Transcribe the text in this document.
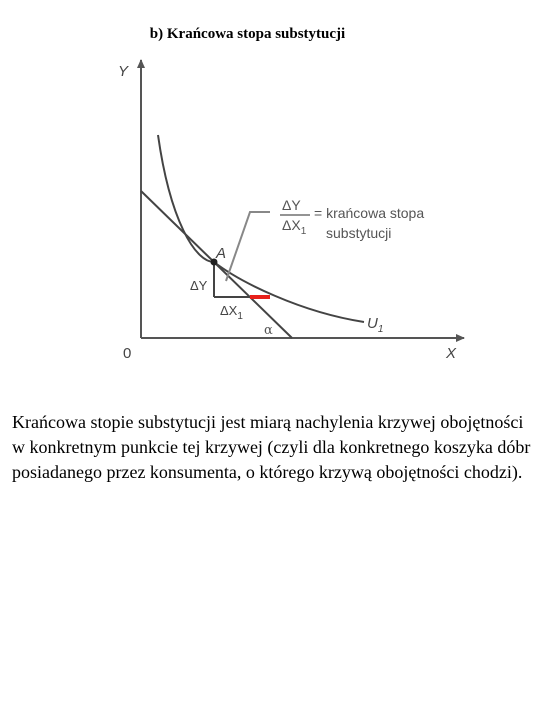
b) Krańcowa stopa substytucji
Y
X
0
A
ΔY
$\Delta X_1$
ΔY
$\Delta X_1$
= krańcowa stopa
substytucji
$U_1$
α
Krańcowa stopie substytucji jest miarą nachylenia krzywej obojętności w konkretnym punkcie tej krzywej (czyli dla konkretnego koszyka dóbr posiadanego przez konsumenta, o którego krzywą obojętności chodzi).
